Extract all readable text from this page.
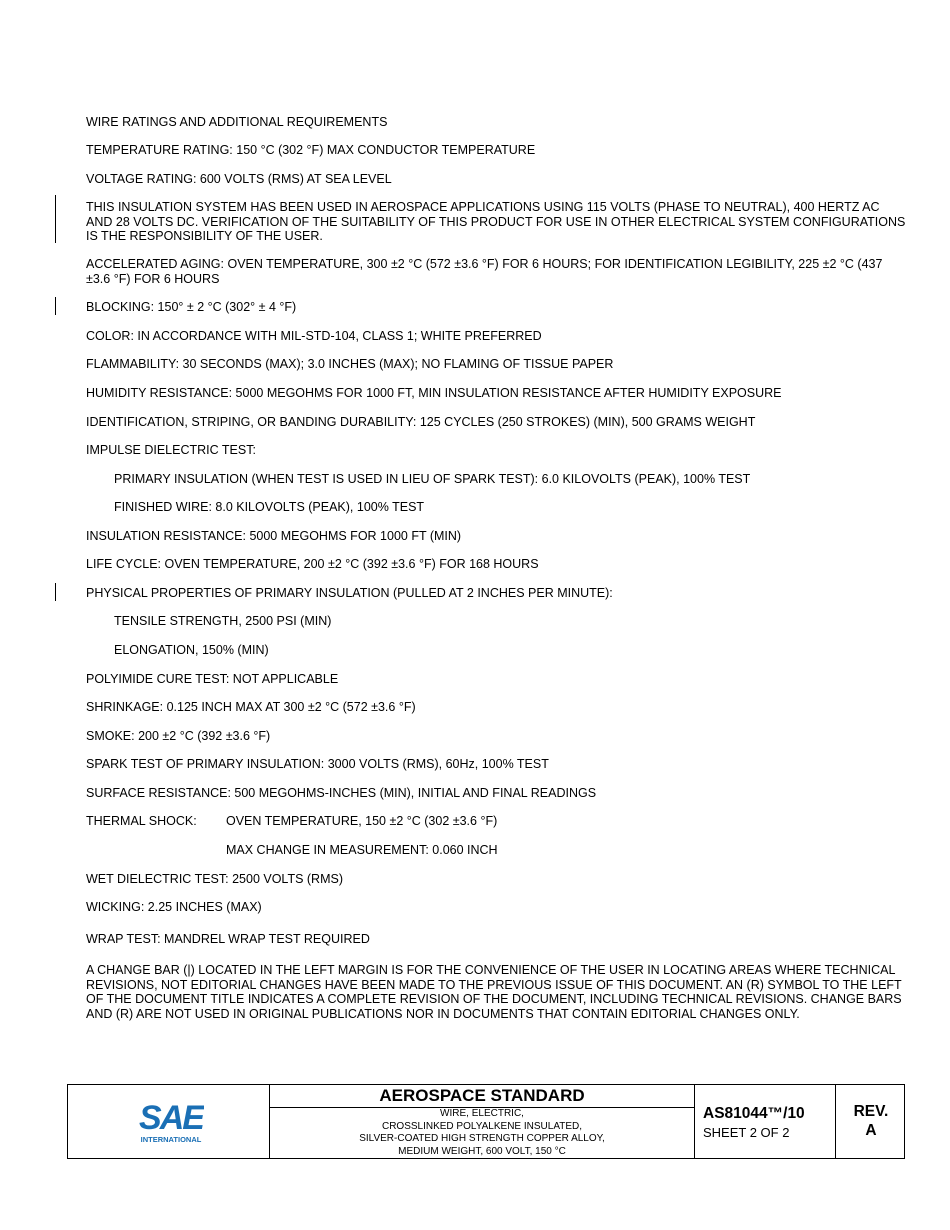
WIRE RATINGS AND ADDITIONAL REQUIREMENTS
TEMPERATURE RATING: 150 °C (302 °F) MAX CONDUCTOR TEMPERATURE
VOLTAGE RATING: 600 VOLTS (RMS) AT SEA LEVEL
THIS INSULATION SYSTEM HAS BEEN USED IN AEROSPACE APPLICATIONS USING 115 VOLTS (PHASE TO NEUTRAL), 400 HERTZ AC AND 28 VOLTS DC. VERIFICATION OF THE SUITABILITY OF THIS PRODUCT FOR USE IN OTHER ELECTRICAL SYSTEM CONFIGURATIONS IS THE RESPONSIBILITY OF THE USER.
ACCELERATED AGING: OVEN TEMPERATURE, 300 ±2 °C (572 ±3.6 °F) FOR 6 HOURS; FOR IDENTIFICATION LEGIBILITY, 225 ±2 °C (437 ±3.6 °F) FOR 6 HOURS
BLOCKING: 150° ± 2 °C (302° ± 4 °F)
COLOR: IN ACCORDANCE WITH MIL-STD-104, CLASS 1; WHITE PREFERRED
FLAMMABILITY: 30 SECONDS (MAX); 3.0 INCHES (MAX); NO FLAMING OF TISSUE PAPER
HUMIDITY RESISTANCE: 5000 MEGOHMS FOR 1000 FT, MIN INSULATION RESISTANCE AFTER HUMIDITY EXPOSURE
IDENTIFICATION, STRIPING, OR BANDING DURABILITY: 125 CYCLES (250 STROKES) (MIN), 500 GRAMS WEIGHT
IMPULSE DIELECTRIC TEST:
PRIMARY INSULATION (WHEN TEST IS USED IN LIEU OF SPARK TEST): 6.0 KILOVOLTS (PEAK), 100% TEST
FINISHED WIRE: 8.0 KILOVOLTS (PEAK), 100% TEST
INSULATION RESISTANCE: 5000 MEGOHMS FOR 1000 FT (MIN)
LIFE CYCLE: OVEN TEMPERATURE, 200 ±2 °C (392 ±3.6 °F) FOR 168 HOURS
PHYSICAL PROPERTIES OF PRIMARY INSULATION (PULLED AT 2 INCHES PER MINUTE):
TENSILE STRENGTH, 2500 PSI (MIN)
ELONGATION, 150% (MIN)
POLYIMIDE CURE TEST: NOT APPLICABLE
SHRINKAGE: 0.125 INCH MAX AT 300 ±2 °C (572 ±3.6 °F)
SMOKE: 200 ±2 °C (392 ±3.6 °F)
SPARK TEST OF PRIMARY INSULATION: 3000 VOLTS (RMS), 60Hz, 100% TEST
SURFACE RESISTANCE: 500 MEGOHMS-INCHES (MIN), INITIAL AND FINAL READINGS
THERMAL SHOCK: OVEN TEMPERATURE, 150 ±2 °C (302 ±3.6 °F)
MAX CHANGE IN MEASUREMENT: 0.060 INCH
WET DIELECTRIC TEST: 2500 VOLTS (RMS)
WICKING: 2.25 INCHES (MAX)
WRAP TEST: MANDREL WRAP TEST REQUIRED
A CHANGE BAR (|) LOCATED IN THE LEFT MARGIN IS FOR THE CONVENIENCE OF THE USER IN LOCATING AREAS WHERE TECHNICAL REVISIONS, NOT EDITORIAL CHANGES HAVE BEEN MADE TO THE PREVIOUS ISSUE OF THIS DOCUMENT. AN (R) SYMBOL TO THE LEFT OF THE DOCUMENT TITLE INDICATES A COMPLETE REVISION OF THE DOCUMENT, INCLUDING TECHNICAL REVISIONS. CHANGE BARS AND (R) ARE NOT USED IN ORIGINAL PUBLICATIONS NOR IN DOCUMENTS THAT CONTAIN EDITORIAL CHANGES ONLY.
SAE
INTERNATIONAL
AEROSPACE STANDARD
WIRE, ELECTRIC,
CROSSLINKED POLYALKENE INSULATED,
SILVER-COATED HIGH STRENGTH COPPER ALLOY,
MEDIUM WEIGHT, 600 VOLT, 150 °C
AS81044™/10
SHEET 2 OF 2
REV.
A
